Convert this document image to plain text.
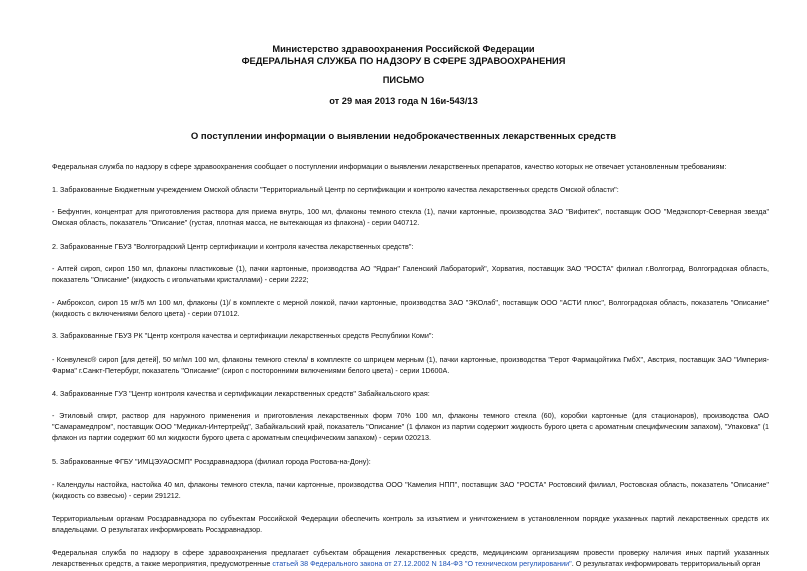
Министерство здравоохранения Российской Федерации
ФЕДЕРАЛЬНАЯ СЛУЖБА ПО НАДЗОРУ В СФЕРЕ ЗДРАВООХРАНЕНИЯ
ПИСЬМО
от 29 мая 2013 года N 16и-543/13
О поступлении информации о выявлении недоброкачественных лекарственных средств

Федеральная служба по надзору в сфере здравоохранения сообщает о поступлении информации о выявлении лекарственных препаратов, качество которых не отвечает установленным требованиям:

1. Забракованные Бюджетным учреждением Омской области "Территориальный Центр по сертификации и контролю качества лекарственных средств Омской области":

- Бефунгин, концентрат для приготовления раствора для приема внутрь, 100 мл, флаконы темного стекла (1), пачки картонные, производства ЗАО "Вифитех", поставщик ООО "Медэкспорт-Северная звезда" Омская область, показатель "Описание" (густая, плотная масса, не вытекающая из флакона) - серии 040712.

2. Забракованные ГБУЗ "Волгоградский Центр сертификации и контроля качества лекарственных средств":

- Алтей сироп, сироп 150 мл, флаконы пластиковые (1), пачки картонные, производства АО "Ядран" Галенский Лабораторий", Хорватия, поставщик ЗАО "РОСТА" филиал г.Волгоград, Волгоградская область, показатель "Описание" (жидкость с игольчатыми кристаллами) - серии 2222;

- Амброксол, сироп 15 мг/5 мл 100 мл, флаконы (1)/ в комплекте с мерной ложкой, пачки картонные, производства ЗАО "ЭКОлаб", поставщик ООО "АСТИ плюс", Волгоградская область, показатель "Описание" (жидкость с включениями белого цвета) - серии 071012.

3. Забракованные ГБУЗ РК "Центр контроля качества и сертификации лекарственных средств Республики Коми":

- Конвулекс® сироп [для детей], 50 мг/мл 100 мл, флаконы темного стекла/ в комплекте со шприцем мерным (1), пачки картонные, производства "Герот Фармацойтика ГмбХ", Австрия, поставщик ЗАО "Империя-Фарма" г.Санкт-Петербург, показатель "Описание" (сироп с посторонними включениями белого цвета) - серии 1D600A.

4. Забракованные ГУЗ "Центр контроля качества и сертификации лекарственных средств" Забайкальского края:

- Этиловый спирт, раствор для наружного применения и приготовления лекарственных форм 70% 100 мл, флаконы темного стекла (60), коробки картонные (для стационаров), производства ОАО "Самарамедпром", поставщик ООО "Медикал-Интертрейд", Забайкальский край, показатель "Описание" (1 флакон из партии содержит жидкость бурого цвета с ароматным специфическим запахом), "Упаковка" (1 флакон из партии содержит 60 мл жидкости бурого цвета с ароматным специфическим запахом) - серии 020213.

5. Забракованные ФГБУ "ИМЦЭУАОСМП" Росздравнадзора (филиал города Ростова-на-Дону):

- Календулы настойка, настойка 40 мл, флаконы темного стекла, пачки картонные, производства ООО "Камелия НПП", поставщик ЗАО "РОСТА" Ростовский филиал, Ростовская область, показатель "Описание" (жидкость со взвесью) - серии 291212.

Территориальным органам Росздравнадзора по субъектам Российской Федерации обеспечить контроль за изъятием и уничтожением в установленном порядке указанных партий лекарственных средств их владельцами. О результатах информировать Росздравнадзор.

Федеральная служба по надзору в сфере здравоохранения предлагает субъектам обращения лекарственных средств, медицинским организациям провести проверку наличия иных партий указанных лекарственных средств, а также мероприятия, предусмотренные статьей 38 Федерального закона от 27.12.2002 N 184-ФЗ "О техническом регулировании". О результатах информировать территориальный орган
